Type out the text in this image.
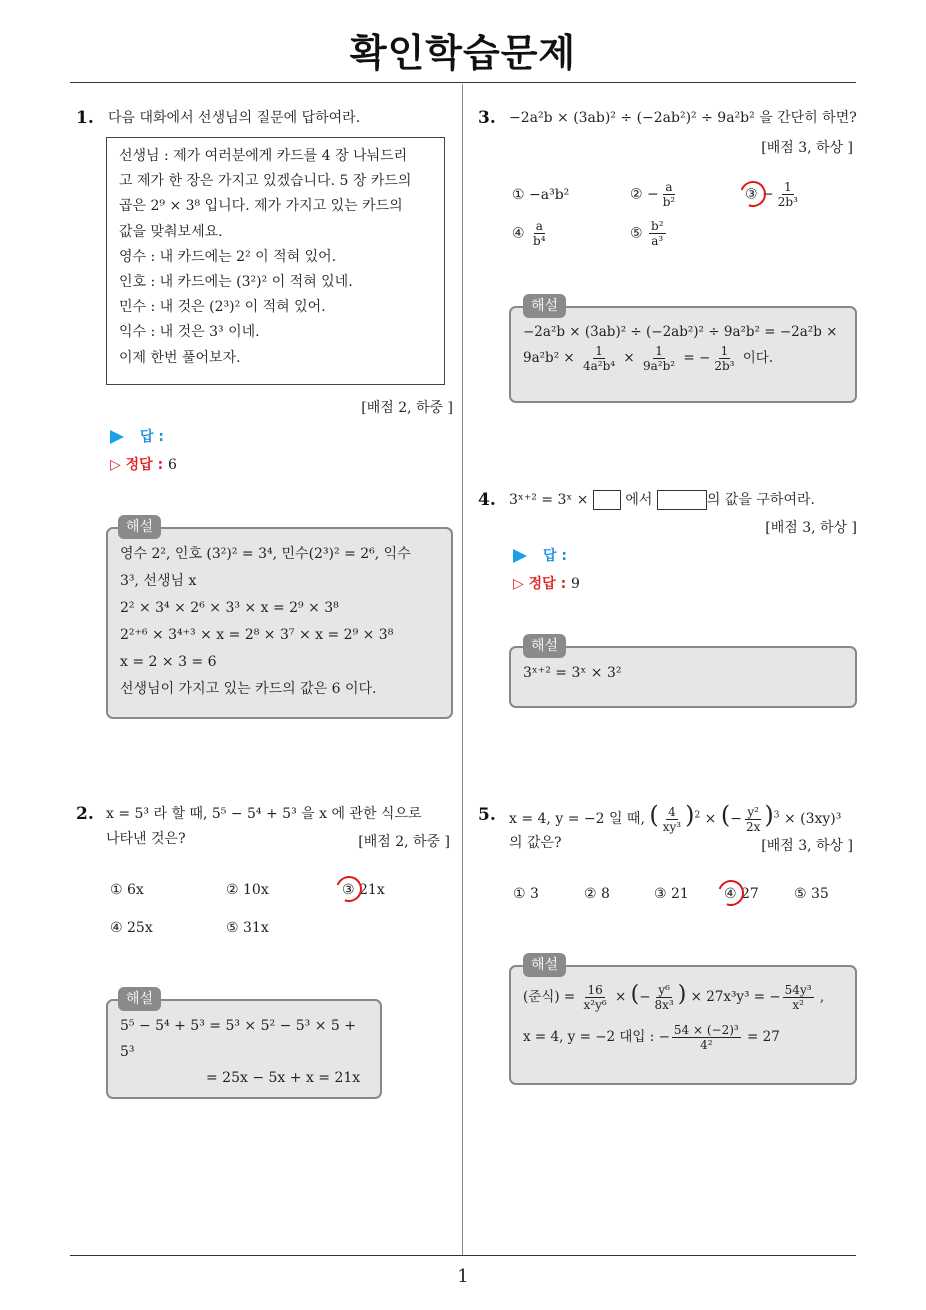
확인학습문제
1. 다음 대화에서 선생님의 질문에 답하여라.
선생님 : 제가 여러분에게 카드를 4 장 나눠드리
고 제가 한 장은 가지고 있겠습니다. 5 장 카드의
곱은 2⁹ × 3⁸ 입니다. 제가 가지고 있는 카드의
값을 맞춰보세요.
영수 : 내 카드에는 2² 이 적혀 있어.
인호 : 내 카드에는 (3²)² 이 적혀 있네.
민수 : 내 것은 (2³)² 이 적혀 있어.
익수 : 내 것은 3³ 이네.
이제 한번 풀어보자.
[배점 2, 하중 ]
답 :
▷ 정답 : 6
영수 2², 인호 (3²)² = 3⁴, 민수(2³)² = 2⁶, 익수
3³, 선생님 x
2² × 3⁴ × 2⁶ × 3³ × x = 2⁹ × 3⁸
2²⁺⁶ × 3⁴⁺³ × x = 2⁸ × 3⁷ × x = 2⁹ × 3⁸
x = 2 × 3 = 6
선생님이 가지고 있는 카드의 값은 6 이다.
해설
2. x = 5³ 라 할 때, 5⁵ − 5⁴ + 5³ 을 x 에 관한 식으로
나타낸 것은?	[배점 2, 하중 ]
① 6x	② 10x	③ 21x
④ 25x	⑤ 31x
5⁵ − 5⁴ + 5³ = 5³ × 5² − 5³ × 5 + 5³
= 25x − 5x + x = 21x
해설
3. −2a²b × (3ab)² ÷ (−2ab²)² ÷ 9a²b² 을 간단히 하면?
[배점 3, 하상 ]
① −a³b²	② − $\frac{a}{\text{b²}}$	③ − $\frac{1}{\text{2b³}}$
④ $\frac{a}{\text{b⁴}}$	⑤ $\frac{\text{b²}}{\text{a³}}$
−2a²b × (3ab)² ÷ (−2ab²)² ÷ 9a²b² = −2a²b ×
$9a^2b^2 \times \frac{1}{\text{4a²b⁴}} \times \frac{1}{\text{9a²b²}}$ = − $\frac{1}{\text{2b³}}$ 이다.
해설
4. 3ˣ⁺² = 3ˣ ×	에서	의 값을 구하여라.
[배점 3, 하상 ]
답 :
▷ 정답 : 9
3ˣ⁺² = 3ˣ × 3²
해설
5. x = 4, y = −2 일 때, ( $\frac{4}{\text{xy³}} )^2$ × (− $\frac{\text{y²}}{2x} )^3 \times (3xy)^3$
의 값은?	[배점 3, 하상 ]
① 3	② 8	③ 21	④ 27	⑤ 35
(준식) = $\frac{16}{\text{x²y⁶}}$ × (− $\frac{\text{y⁶}}{\text{8x³}}$ ) × 27x³y³ = − $\frac{\text{54y³}}{\text{x²}}$ ,
x = 4, y = −2 대입 : − $\frac{\text{54 × (−2)³}}{\text{4²}} = 27$
해설
1
